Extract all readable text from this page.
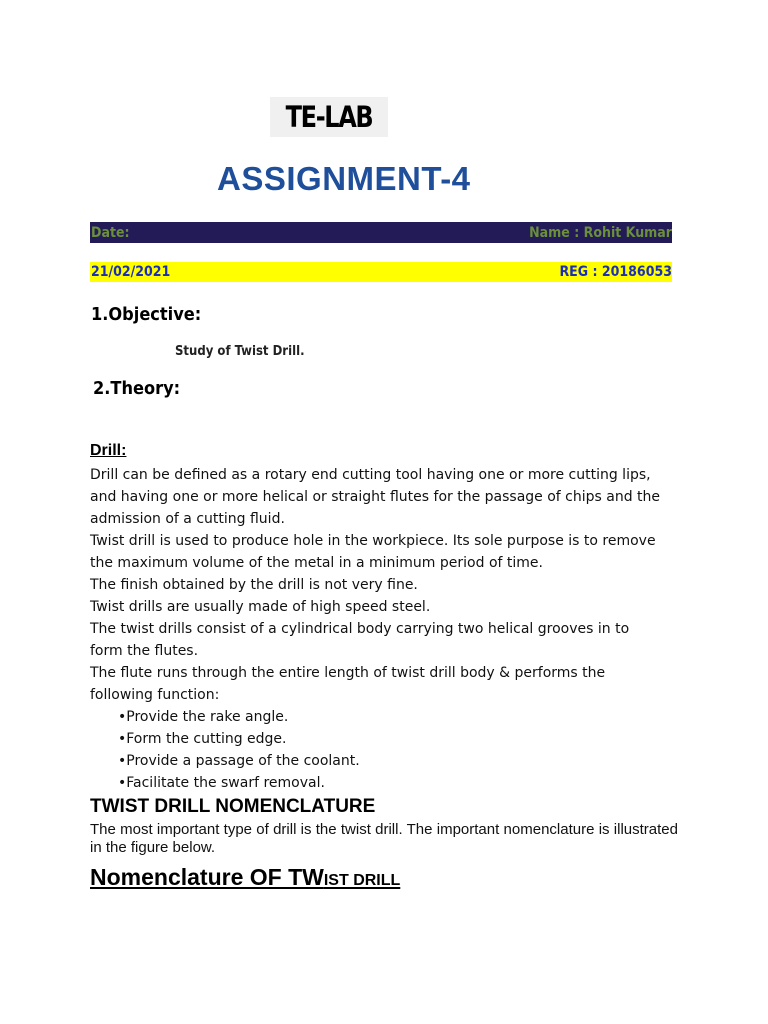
TE-LAB
ASSIGNMENT-4
Date:	Name : Rohit Kumar
21/02/2021	REG : 20186053
1.Objective:
Study of Twist Drill.
2.Theory:
Drill:

Drill can be defined as a rotary end cutting tool having one or more cutting lips,

and having one or more helical or straight flutes for the passage of chips and the

admission of a cutting fluid.

Twist drill is used to produce hole in the workpiece. Its sole purpose is to remove

the maximum volume of the metal in a minimum period of time.

The finish obtained by the drill is not very fine.

Twist drills are usually made of high speed steel.

The twist drills consist of a cylindrical body carrying two helical grooves in to

form the flutes.

The flute runs through the entire length of twist drill body & performs the

following function:

•Provide the rake angle.

•Form the cutting edge.

•Provide a passage of the coolant.

•Facilitate the swarf removal.

TWIST DRILL NOMENCLATURE
The most important type of drill is the twist drill. The important nomenclature is illustrated in the figure below.
Nomenclature OF TWIST DRILL
